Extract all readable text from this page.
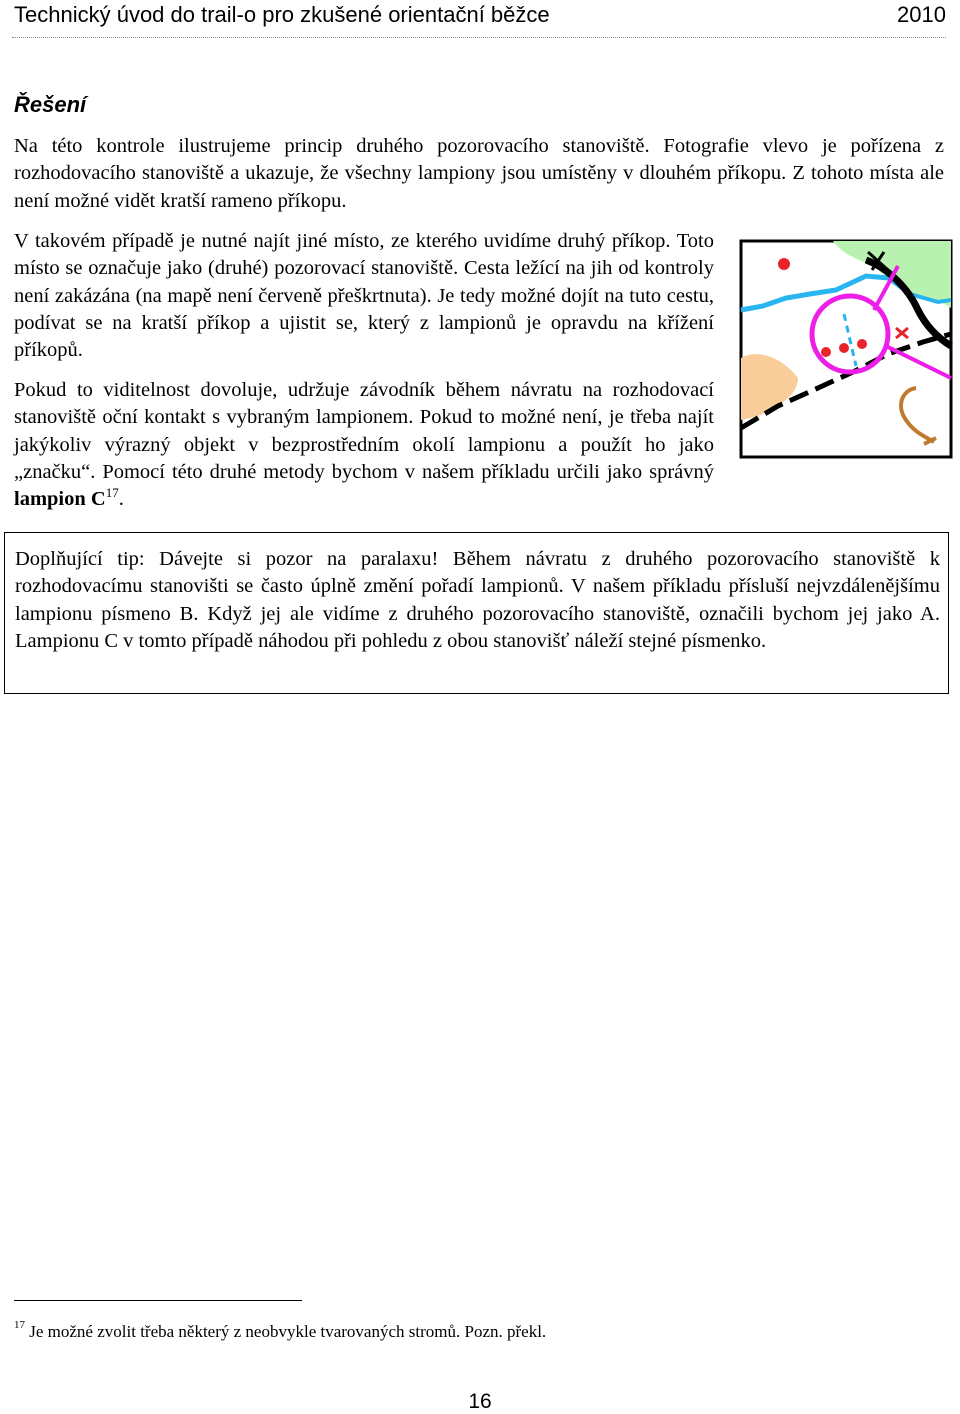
Technický úvod do trail-o pro zkušené orientační běžce	2010
Řešení

Na této kontrole ilustrujeme princip druhého pozorovacího stanoviště. Fotografie vlevo je pořízena z rozhodovacího stanoviště a ukazuje, že všechny lampiony jsou umístěny v dlouhém příkopu. Z tohoto místa ale není možné vidět kratší rameno příkopu.

V takovém případě je nutné najít jiné místo, ze kterého uvidíme druhý příkop. Toto místo se označuje jako (druhé) pozorovací stanoviště. Cesta ležící na jih od kontroly není zakázána (na mapě není červeně přeškrtnuta). Je tedy možné dojít na tuto cestu, podívat se na kratší příkop a ujistit se, který z lampionů je opravdu na křížení příkopů.

Pokud to viditelnost dovoluje, udržuje závodník během návratu na rozhodovací stanoviště oční kontakt s vybraným lampionem. Pokud to možné není, je třeba najít jakýkoliv výrazný objekt v bezprostředním okolí lampionu a použít ho jako „značku“. Pomocí této druhé metody bychom v našem příkladu určili jako správný lampion $C^{17}$.

Doplňující tip: Dávejte si pozor na paralaxu! Během návratu z druhého pozorovacího stanoviště k rozhodovacímu stanovišti se často úplně změní pořadí lampionů. V našem příkladu přísluší nejvzdálenějšímu lampionu písmeno B. Když jej ale vidíme z druhého pozorovacího stanoviště, označili bychom jej jako A. Lampionu C v tomto případě náhodou při pohledu z obou stanovišť náleží stejné písmenko.

$^{17}$ Je možné zvolit třeba některý z neobvykle tvarovaných stromů. Pozn. překl.
16
